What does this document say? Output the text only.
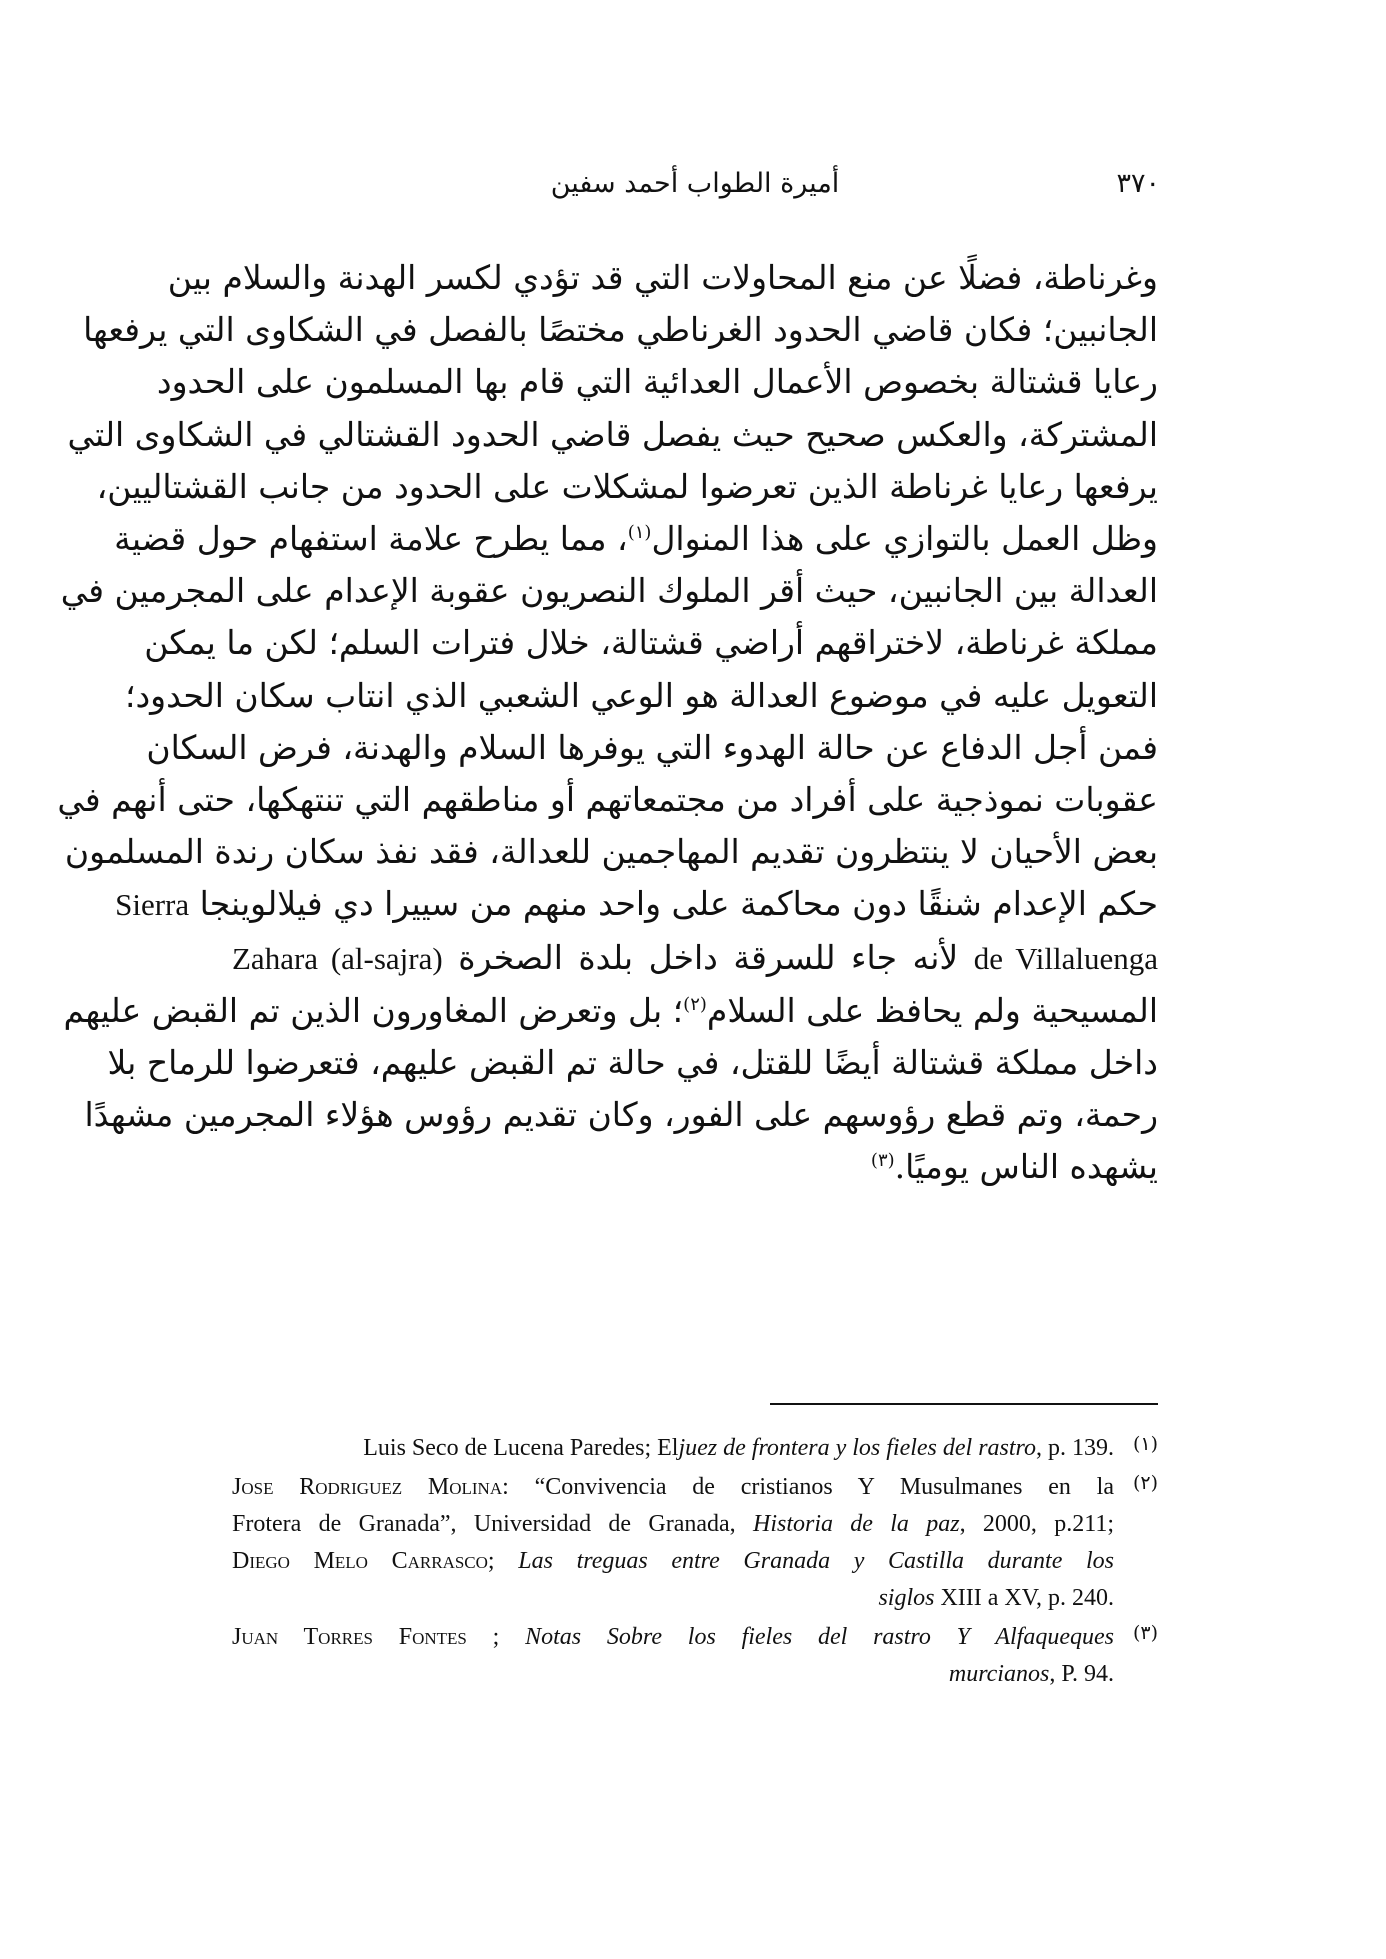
٣٧٠
أميرة الطواب أحمد سفين
وغرناطة، فضلًا عن منع المحاولات التي قد تؤدي لكسر الهدنة والسلام بين
الجانبين؛ فكان قاضي الحدود الغرناطي مختصًا بالفصل في الشكاوى التي يرفعها
رعايا قشتالة بخصوص الأعمال العدائية التي قام بها المسلمون على الحدود
المشتركة، والعكس صحيح حيث يفصل قاضي الحدود القشتالي في الشكاوى التي
يرفعها رعايا غرناطة الذين تعرضوا لمشكلات على الحدود من جانب القشتاليين،
وظل العمل بالتوازي على هذا المنوال$^{(١)}$، مما يطرح علامة استفهام حول قضية
العدالة بين الجانبين، حيث أقر الملوك النصريون عقوبة الإعدام على المجرمين في
مملكة غرناطة، لاختراقهم أراضي قشتالة، خلال فترات السلم؛ لكن ما يمكن
التعويل عليه في موضوع العدالة هو الوعي الشعبي الذي انتاب سكان الحدود؛
فمن أجل الدفاع عن حالة الهدوء التي يوفرها السلام والهدنة، فرض السكان
عقوبات نموذجية على أفراد من مجتمعاتهم أو مناطقهم التي تنتهكها، حتى أنهم في
بعض الأحيان لا ينتظرون تقديم المهاجمين للعدالة، فقد نفذ سكان رندة المسلمون
حكم الإعدام شنقًا دون محاكمة على واحد منهم من سييرا دي فيلالوينجا Sierra
de Villaluenga لأنه جاء للسرقة داخل بلدة الصخرة Zahara (al-sajra)
المسيحية ولم يحافظ على السلام$^{(٢)}$؛ بل وتعرض المغاورون الذين تم القبض عليهم
داخل مملكة قشتالة أيضًا للقتل، في حالة تم القبض عليهم، فتعرضوا للرماح بلا
رحمة، وتم قطع رؤوسهم على الفور، وكان تقديم رؤوس هؤلاء المجرمين مشهدًا
يشهده الناس يوميًا.$^{(٣)}$
(١)
Luis Seco de Lucena Paredes; Eljuez de frontera y los fieles del rastro, p. 139.
(٢)
Jose Rodriguez Molina: “Convivencia de cristianos Y Musulmanes en la
Frotera de Granada”, Universidad de Granada, Historia de la paz, 2000, p.211;
Diego Melo Carrasco; Las treguas entre Granada y Castilla durante los
siglos XIII a XV, p. 240.
(٣)
Juan Torres Fontes ; Notas Sobre los fieles del rastro Y Alfaqueques
murcianos, P. 94.
